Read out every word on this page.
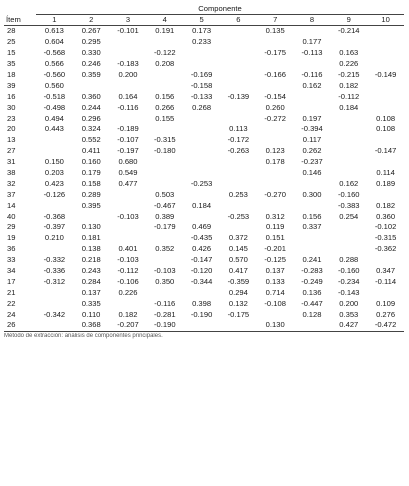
	Componente									
Ítem	1	2	3	4	5	6	7	8	9	10
28	0.613	0.267	-0.101	0.191	0.173		0.135		-0.214	
25	0.604	0.295			0.233			0.177		
15	-0.568	0.330		-0.122			-0.175	-0.113	0.163	
35	0.566	0.246	-0.183	0.208					0.226	
18	-0.560	0.359	0.200		-0.169		-0.166	-0.116	-0.215	-0.149
39	0.560				-0.158			0.162	0.182	
16	-0.518	0.360	0.164	0.156	-0.133	-0.139	-0.154		-0.112	
30	-0.498	0.244	-0.116	0.266	0.268		0.260		0.184	
23	0.494	0.296		0.155			-0.272	0.197		0.108
20	0.443	0.324	-0.189			0.113		-0.394		0.108
13		0.552	-0.107	-0.315		-0.172		0.117		
27		0.411	-0.197	-0.180		-0.263	0.123	0.262		-0.147
31	0.150	0.160	0.680				0.178	-0.237		
38	0.203	0.179	0.549					0.146		0.114
32	0.423	0.158	0.477		-0.253				0.162	0.189
37	-0.126	0.289		0.503		0.253	-0.270	0.300	-0.160	
14		0.395		-0.467	0.184				-0.383	0.182
40	-0.368		-0.103	0.389		-0.253	0.312	0.156	0.254	0.360
29	-0.397	0.130		-0.179	0.469		0.119	0.337		-0.102
19	0.210	0.181			-0.435	0.372	0.151			-0.315
36		0.138	0.401	0.352	0.426	0.145	-0.201			-0.362
33	-0.332	0.218	-0.103		-0.147	0.570	-0.125	0.241	0.288	
34	-0.336	0.243	-0.112	-0.103	-0.120	0.417	0.137	-0.283	-0.160	0.347
17	-0.312	0.284	-0.106	0.350	-0.344	-0.359	0.133	-0.249	-0.234	-0.114
21		0.137	0.226			0.294	0.714	0.136	-0.143	
22		0.335		-0.116	0.398	0.132	-0.108	-0.447	0.200	0.109
24	-0.342	0.110	0.182	-0.281	-0.190	-0.175		0.128	0.353	0.276
26		0.368	-0.207	-0.190			0.130		0.427	-0.472
Método de extracción: análisis de componentes principales.
